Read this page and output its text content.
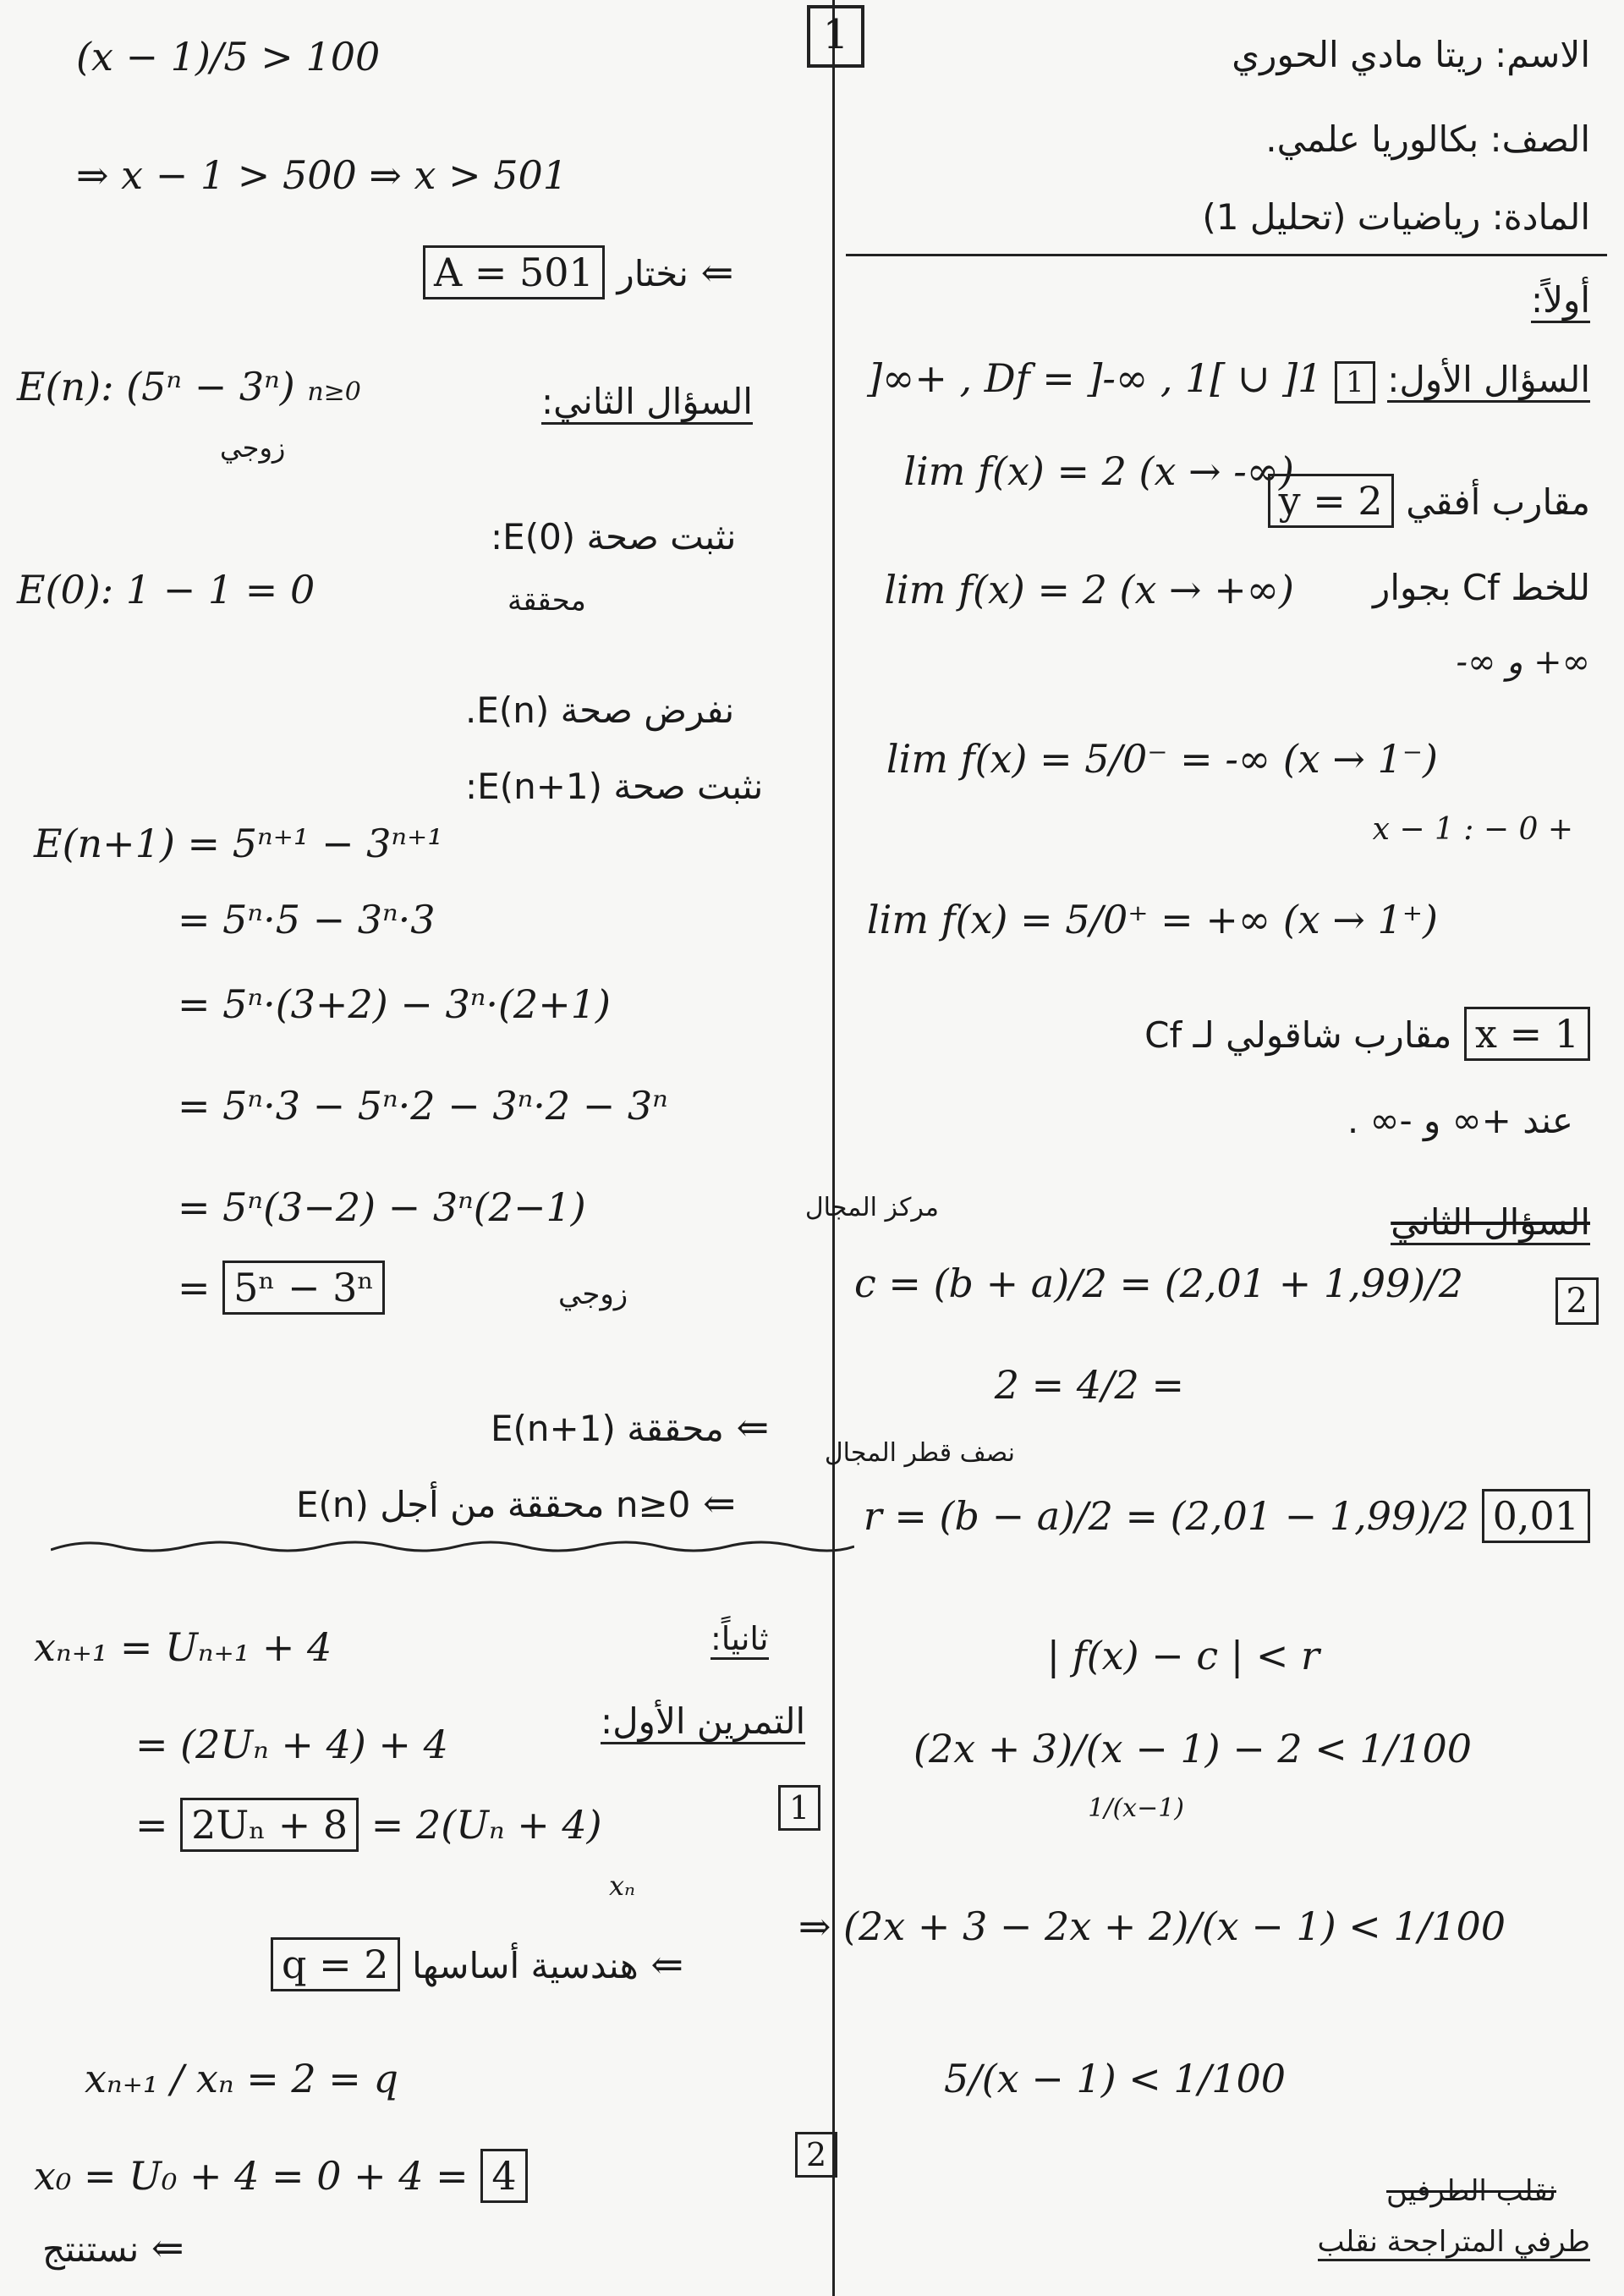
1	الاسم: ريتا مادي الحوري
الصف: بكالوريا علمي.
المادة: رياضيات (تحليل 1)
أولاً:
السؤال الأول: 1 Df = ]-∞ , 1[ ∪ ]1 , +∞[
lim f(x) = 2 (x → -∞)
lim f(x) = 2 (x → +∞)
مقارب أفقي y = 2
للخط Cf بجوار
-∞ و +∞
lim f(x) = 5/0⁻ = -∞ (x → 1⁻)
x − 1 : − 0 +
lim f(x) = 5/0⁺ = +∞ (x → 1⁺)
x = 1 مقارب شاقولي لـ Cf
عند +∞ و -∞ .
السؤال الثاني
2
مركز المجال
c = (b + a)/2 = (2,01 + 1,99)/2
= 4/2 = 2
نصف قطر المجال
0,01 r = (b − a)/2 = (2,01 − 1,99)/2
| f(x) − c | < r
(2x + 3)/(x − 1) − 2 < 1/100
1/(x−1)
⇒ (2x + 3 − 2x + 2)/(x − 1) < 1/100
5/(x − 1) < 1/100
نقلب الطرفين
طرفي المتراجحة نقلب
(x − 1)/5 > 100
⇒ x − 1 > 500 ⇒ x > 501
A = 501 نختار ⇐
E(n): (5ⁿ − 3ⁿ) n≥0
زوجي
السؤال الثاني:
نثبت صحة E(0):
E(0): 1 − 1 = 0	محققة
نفرض صحة E(n).
نثبت صحة E(n+1):
E(n+1) = 5ⁿ⁺¹ − 3ⁿ⁺¹
= 5ⁿ·5 − 3ⁿ·3
= 5ⁿ·(3+2) − 3ⁿ·(2+1)
= 5ⁿ·3 − 5ⁿ·2 − 3ⁿ·2 − 3ⁿ
= 5ⁿ(3−2) − 3ⁿ(2−1)
= 5ⁿ − 3ⁿ	زوجي
E(n+1) محققة ⇐
E(n) محققة من أجل n≥0 ⇐
ثانياً:
xₙ₊₁ = Uₙ₊₁ + 4
التمرين الأول:
= (2Uₙ + 4) + 4
1
= 2Uₙ + 8 = 2(Uₙ + 4)
xₙ
q = 2 هندسية أساسها ⇐
xₙ₊₁ / xₙ = 2 = q
2
x₀ = U₀ + 4 = 0 + 4 = 4
نستنتج ⇐
